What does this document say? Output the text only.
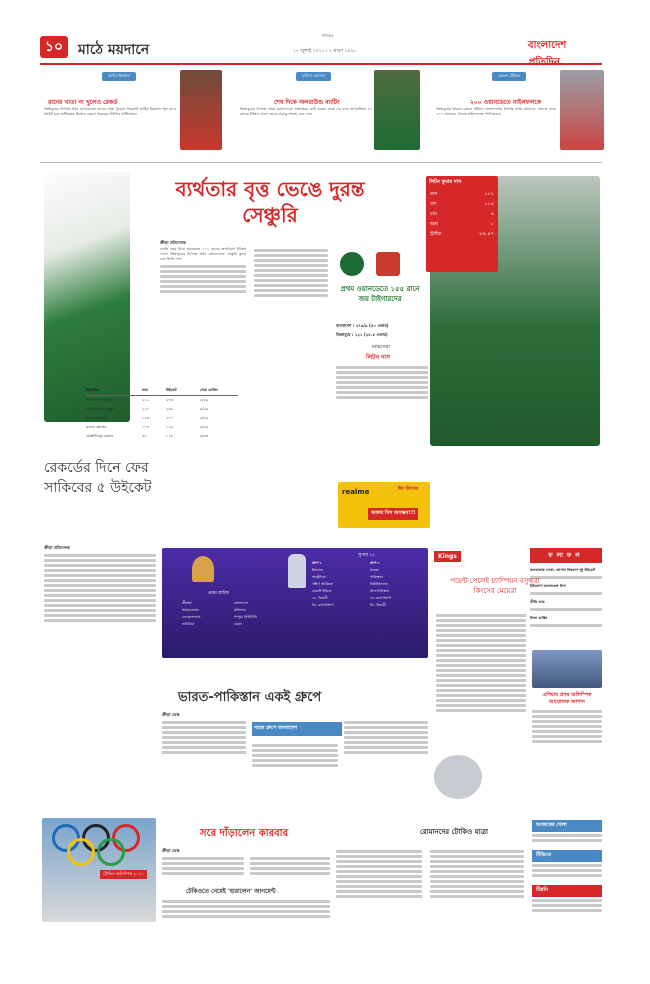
১০	মাঠে ময়দানে
শনিবার
১৭ জুলাই ২০২১ । ২ শ্রাবণ ১৪২৮
বাংলাদেশ
তামিম ইকবাল
রানের খাতা না খুলেও রেকর্ড
জিম্বাবুয়ের বিপক্ষে প্রথম ওয়ানডেতে রানের খাতা খুলতে পারেননি তামিম ইকবাল। শূন্য রানে আউট হয়ে অধিনায়ক হিসেবে রেকর্ড গড়েছেন টাইগার অধিনায়ক।
মাহিদা হোসেন
শেষ দিকে অলরাউন্ড ব্যাটিং
জিম্বাবুয়ের বিপক্ষে প্রথম ওয়ানডেতে সাতনম্বরে ব্যাট করতে নেমে ৪৩ বলে অপরাজিত ৫২ রানের ইনিংস খেলে দলকে লড়াকু সংগ্রহ এনে দেন।
ব্রেন্ডন টেইলর
২০০ ওয়ানডেতে মাইলফলকে
জিম্বাবুয়ের তারকা ব্রেন্ডন টেইলর বাংলাদেশের বিপক্ষে প্রথম ওয়ানডে খেলতে নেমে ২০০ ওয়ানডে খেলার মাইলফলক স্পর্শ করেন।
ব্যর্থতার বৃত্ত ভেঙে দুরন্ত সেঞ্চুরি
লিটন কুমার দাস
রান	১০২
বল	১১৪
চার	৯
ছক্কা	০
স্ট্রাইক	৮৯.৪৭
ক্রীড়া প্রতিবেদক
চলতি বছর ঘিরে হারারেতে ১০২ রানের অসাধারণ ইনিংস খেলে জিম্বাবুয়ের বিপক্ষে প্রথম ওয়ানডেতে সেঞ্চুরি তুলে নেন লিটন দাস।
প্রথম ওয়ানডেতে ১৫৫ রানে জয় টাইগারদের
বাংলাদেশ : ২৭৬/৯ (৫০ ওভার)
জিম্বাবুয়ে : ১২১ (২৮.৫ ওভার)
ম্যাচসেরা
লিটন দাস
ক্রিকেটার	ম্যাচ	উইকেট	সেরা বোলিং
সাকিব আল হাসান	২১২	২৭৩	৫/২৯
মাশরাফি বিন মর্তুজা	২২০	২৬৯	৬/২৬
আব্দুর রাজ্জাক	১৫৩	২০৭	৫/২৯
রুবেল হোসেন	১০৪	১২৯	৬/২৬
মোস্তাফিজুর রহমান	৬৭	১২৪	৬/৪৩
রেকর্ডের দিনে ফের সাকিবের ৫ উইকেট
ক্রীড়া প্রতিবেদক
realme	ঈদ উৎসব
অফার মিস অসম্ভব!!!
প্রথম রাউন্ড
সুপার ১২
শ্রীলঙ্কা
আয়ারল্যান্ড
নেদারল্যান্ডস
নামিবিয়া
বাংলাদেশ
স্কটল্যান্ড
পাপুয়া নিউগিনি
ওমান
গ্রুপ-১
ইংল্যান্ড
অস্ট্রেলিয়া
দক্ষিণ আফ্রিকা
ওয়েস্ট ইন্ডিজ
এ১ বিজয়ী
বি২ রানার্সআপ
গ্রুপ-২
ভারত
পাকিস্তান
নিউজিল্যান্ড
আফগানিস্তান
এ২ রানার্সআপ
বি১ বিজয়ী
ভারত-পাকিস্তান একই গ্রুপে
ক্রীড়া ডেস্ক
সহজ গ্রুপে বাংলাদেশ
Kings
পয়েন্ট পেলেই চ্যাম্পিয়ন বসুন্ধরা কিংসের মেয়েরা
ফলাফল
কলকাতায় লেখা: জাপান বিশ্বকাপ দুই উইকেট
ইউরোপা কনফারেন্স লিগ
প্রীতি ম্যাচ
ফিফা র‌্যাঙ্কিং
এশিয়ায় প্রথম অলিম্পিক আয়োজক জাপান
টোকিও অলিম্পিক ২০২১
সরে দাঁড়ালেন কারবার	রোমানদের টোকিও যাত্রা
ক্রীড়া ডেস্ক
টেকিওতে নেমেই 'হারালেন' আগমেন্ট
আজকের খেলা
টিভিতে
টিপ্পনি
